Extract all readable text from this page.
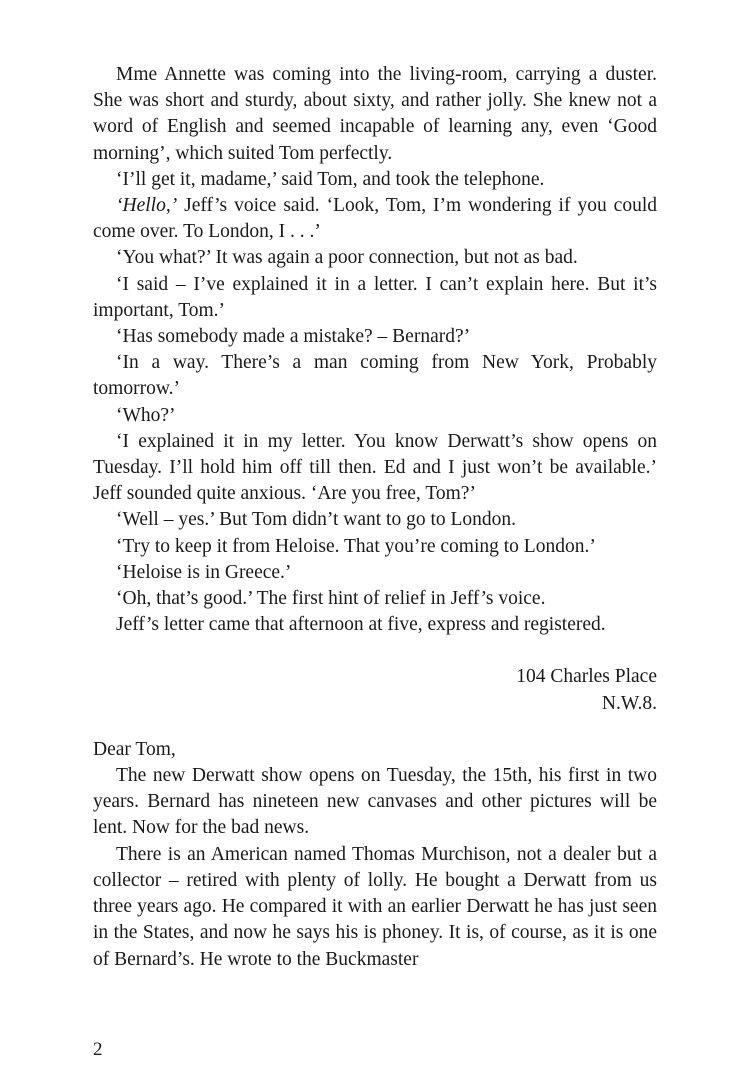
Mme Annette was coming into the living-room, carrying a duster. She was short and sturdy, about sixty, and rather jolly. She knew not a word of English and seemed incapable of learning any, even ‘Good morning’, which suited Tom perfectly.

‘I’ll get it, madame,’ said Tom, and took the telephone.

‘Hello,’ Jeff’s voice said. ‘Look, Tom, I’m wondering if you could come over. To London, I . . .’

‘You what?’ It was again a poor connection, but not as bad.

‘I said – I’ve explained it in a letter. I can’t explain here. But it’s important, Tom.’

‘Has somebody made a mistake? – Bernard?’

‘In a way. There’s a man coming from New York, Probably tomorrow.’

‘Who?’

‘I explained it in my letter. You know Derwatt’s show opens on Tuesday. I’ll hold him off till then. Ed and I just won’t be available.’ Jeff sounded quite anxious. ‘Are you free, Tom?’

‘Well – yes.’ But Tom didn’t want to go to London.

‘Try to keep it from Heloise. That you’re coming to London.’

‘Heloise is in Greece.’

‘Oh, that’s good.’ The first hint of relief in Jeff’s voice.

Jeff’s letter came that afternoon at five, express and registered.

104 Charles Place

N.W.8.

Dear Tom,

The new Derwatt show opens on Tuesday, the 15th, his first in two years. Bernard has nineteen new canvases and other pictures will be lent. Now for the bad news.

There is an American named Thomas Murchison, not a dealer but a collector – retired with plenty of lolly. He bought a Derwatt from us three years ago. He compared it with an earlier Derwatt he has just seen in the States, and now he says his is phoney. It is, of course, as it is one of Bernard’s. He wrote to the Buckmaster

2
